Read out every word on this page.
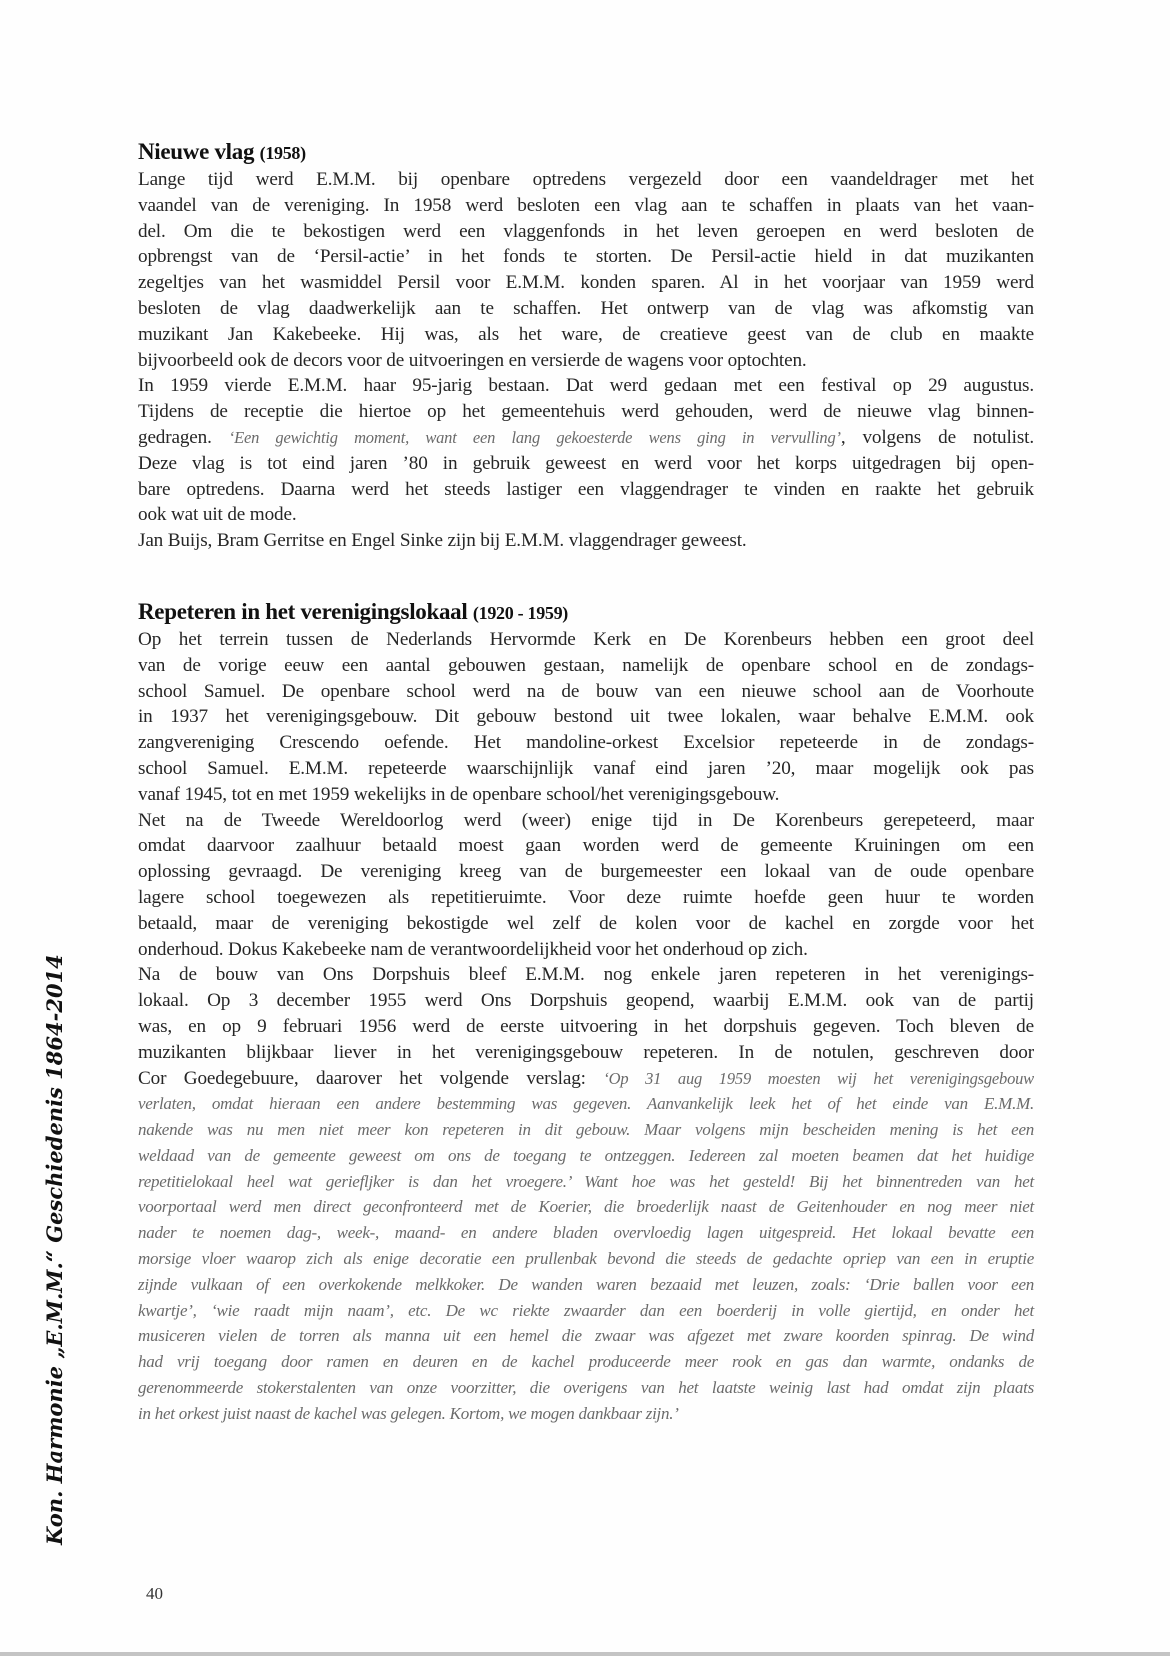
Nieuwe vlag (1958)
Lange tijd werd E.M.M. bij openbare optredens vergezeld door een vaandeldrager met het
vaandel van de vereniging. In 1958 werd besloten een vlag aan te schaffen in plaats van het vaan-
del. Om die te bekostigen werd een vlaggenfonds in het leven geroepen en werd besloten de
opbrengst van de ‘Persil-actie’ in het fonds te storten. De Persil-actie hield in dat muzikanten
zegeltjes van het wasmiddel Persil voor E.M.M. konden sparen. Al in het voorjaar van 1959 werd
besloten de vlag daadwerkelijk aan te schaffen. Het ontwerp van de vlag was afkomstig van
muzikant Jan Kakebeeke. Hij was, als het ware, de creatieve geest van de club en maakte
bijvoorbeeld ook de decors voor de uitvoeringen en versierde de wagens voor optochten.
In 1959 vierde E.M.M. haar 95-jarig bestaan. Dat werd gedaan met een festival op 29 augustus.
Tijdens de receptie die hiertoe op het gemeentehuis werd gehouden, werd de nieuwe vlag binnen-
gedragen. ‘Een gewichtig moment, want een lang gekoesterde wens ging in vervulling’, volgens de notulist.
Deze vlag is tot eind jaren ’80 in gebruik geweest en werd voor het korps uitgedragen bij open-
bare optredens. Daarna werd het steeds lastiger een vlaggendrager te vinden en raakte het gebruik
ook wat uit de mode.
Jan Buijs, Bram Gerritse en Engel Sinke zijn bij E.M.M. vlaggendrager geweest.
Repeteren in het verenigingslokaal (1920 - 1959)
Op het terrein tussen de Nederlands Hervormde Kerk en De Korenbeurs hebben een groot deel
van de vorige eeuw een aantal gebouwen gestaan, namelijk de openbare school en de zondags-
school Samuel. De openbare school werd na de bouw van een nieuwe school aan de Voorhoute
in 1937 het verenigingsgebouw. Dit gebouw bestond uit twee lokalen, waar behalve E.M.M. ook
zangvereniging Crescendo oefende. Het mandoline-orkest Excelsior repeteerde in de zondags-
school Samuel. E.M.M. repeteerde waarschijnlijk vanaf eind jaren ’20, maar mogelijk ook pas
vanaf 1945, tot en met 1959 wekelijks in de openbare school/het verenigingsgebouw.
Net na de Tweede Wereldoorlog werd (weer) enige tijd in De Korenbeurs gerepeteerd, maar
omdat daarvoor zaalhuur betaald moest gaan worden werd de gemeente Kruiningen om een
oplossing gevraagd. De vereniging kreeg van de burgemeester een lokaal van de oude openbare
lagere school toegewezen als repetitieruimte. Voor deze ruimte hoefde geen huur te worden
betaald, maar de vereniging bekostigde wel zelf de kolen voor de kachel en zorgde voor het
onderhoud. Dokus Kakebeeke nam de verantwoordelijkheid voor het onderhoud op zich.
Na de bouw van Ons Dorpshuis bleef E.M.M. nog enkele jaren repeteren in het verenigings-
lokaal. Op 3 december 1955 werd Ons Dorpshuis geopend, waarbij E.M.M. ook van de partij
was, en op 9 februari 1956 werd de eerste uitvoering in het dorpshuis gegeven. Toch bleven de
muzikanten blijkbaar liever in het verenigingsgebouw repeteren. In de notulen, geschreven door
Cor Goedegebuure, daarover het volgende verslag: ‘Op 31 aug 1959 moesten wij het verenigingsgebouw
verlaten, omdat hieraan een andere bestemming was gegeven. Aanvankelijk leek het of het einde van E.M.M.
nakende was nu men niet meer kon repeteren in dit gebouw. Maar volgens mijn bescheiden mening is het een
weldaad van de gemeente geweest om ons de toegang te ontzeggen. Iedereen zal moeten beamen dat het huidige
repetitielokaal heel wat geriefljker is dan het vroegere.’ Want hoe was het gesteld! Bij het binnentreden van het
voorportaal werd men direct geconfronteerd met de Koerier, die broederlijk naast de Geitenhouder en nog meer niet
nader te noemen dag-, week-, maand- en andere bladen overvloedig lagen uitgespreid. Het lokaal bevatte een
morsige vloer waarop zich als enige decoratie een prullenbak bevond die steeds de gedachte opriep van een in eruptie
zijnde vulkaan of een overkokende melkkoker. De wanden waren bezaaid met leuzen, zoals: ‘Drie ballen voor een
kwartje’, ‘wie raadt mijn naam’, etc. De wc riekte zwaarder dan een boerderij in volle giertijd, en onder het
musiceren vielen de torren als manna uit een hemel die zwaar was afgezet met zware koorden spinrag. De wind
had vrij toegang door ramen en deuren en de kachel produceerde meer rook en gas dan warmte, ondanks de
gerenommeerde stokerstalenten van onze voorzitter, die overigens van het laatste weinig last had omdat zijn plaats
in het orkest juist naast de kachel was gelegen. Kortom, we mogen dankbaar zijn.’
Kon. Harmonie „E.M.M.“ Geschiedenis 1864-2014
40
